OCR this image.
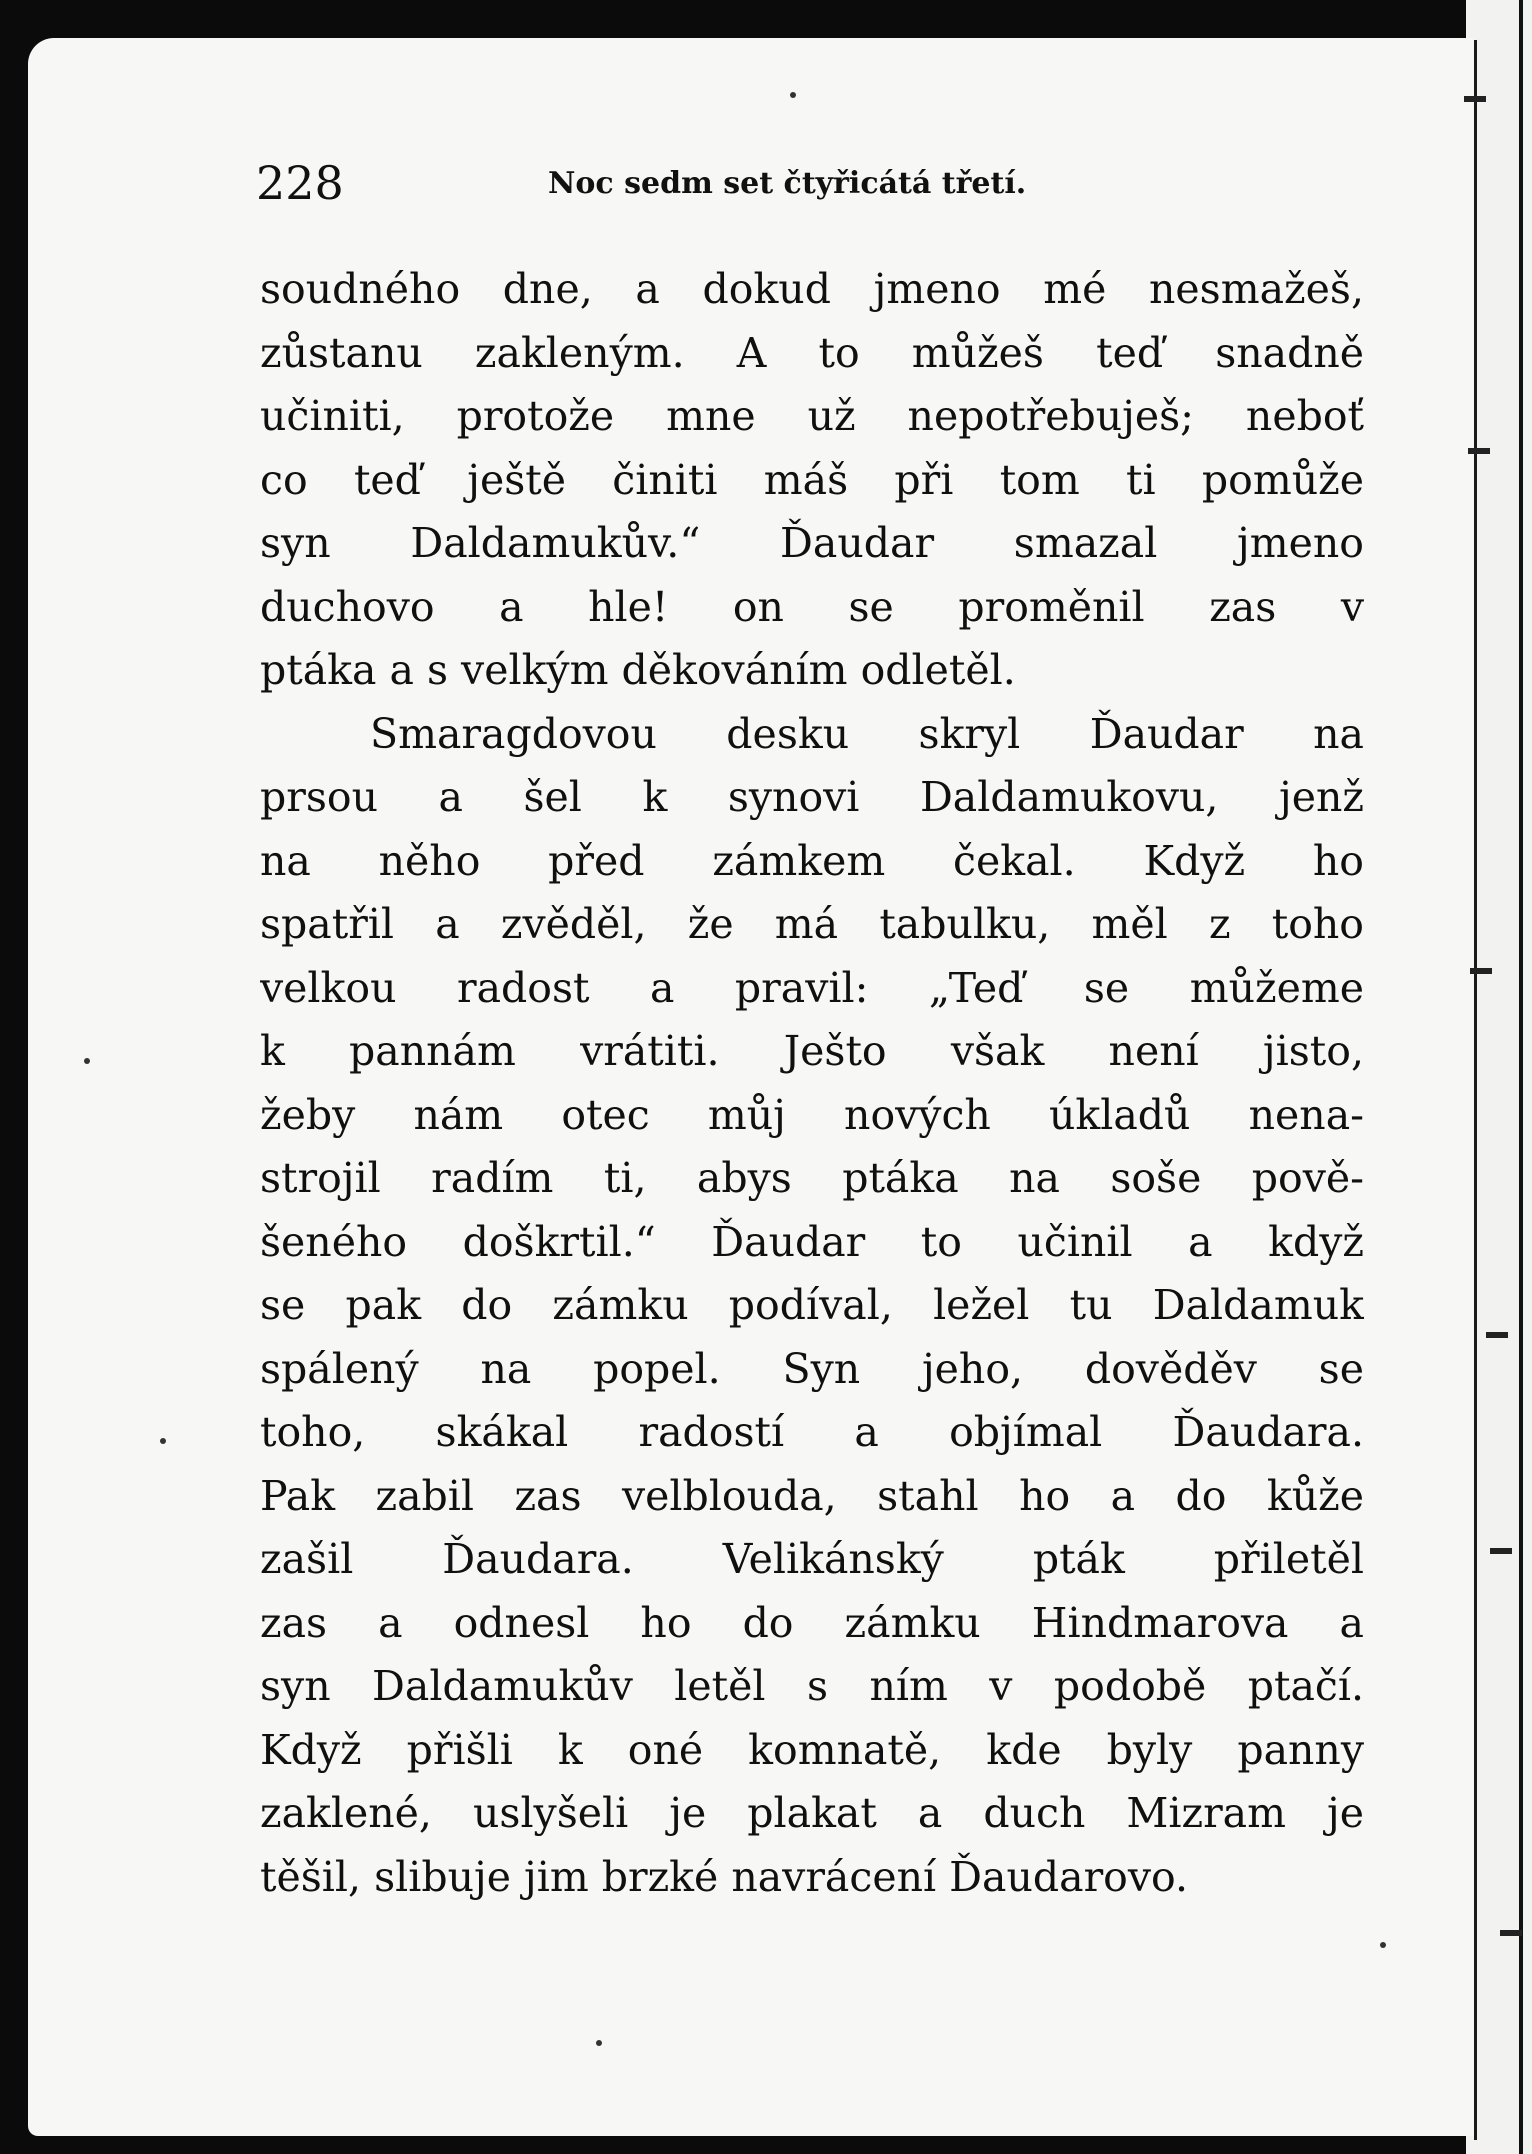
228	Noc sedm set čtyřicátá třetí.
soudného dne, a dokud jmeno mé nesmažeš,
zůstanu zakleným. A to můžeš teď snadně
učiniti, protože mne už nepotřebuješ; neboť
co teď ještě činiti máš při tom ti pomůže
syn Daldamukův.“ Ďaudar smazal jmeno
duchovo a hle! on se proměnil zas v
ptáka a s velkým děkováním odletěl.
Smaragdovou desku skryl Ďaudar na
prsou a šel k synovi Daldamukovu, jenž
na něho před zámkem čekal. Když ho
spatřil a zvěděl, že má tabulku, měl z toho
velkou radost a pravil: „Teď se můžeme
k pannám vrátiti. Ješto však není jisto,
žeby nám otec můj nových úkladů nena-
strojil radím ti, abys ptáka na soše pově-
šeného doškrtil.“ Ďaudar to učinil a když
se pak do zámku podíval, ležel tu Daldamuk
spálený na popel. Syn jeho, dověděv se
toho, skákal radostí a objímal Ďaudara.
Pak zabil zas velblouda, stahl ho a do kůže
zašil Ďaudara. Velikánský pták přiletěl
zas a odnesl ho do zámku Hindmarova a
syn Daldamukův letěl s ním v podobě ptačí.
Když přišli k oné komnatě, kde byly panny
zaklené, uslyšeli je plakat a duch Mizram je
těšil, slibuje jim brzké navrácení Ďaudarovo.
